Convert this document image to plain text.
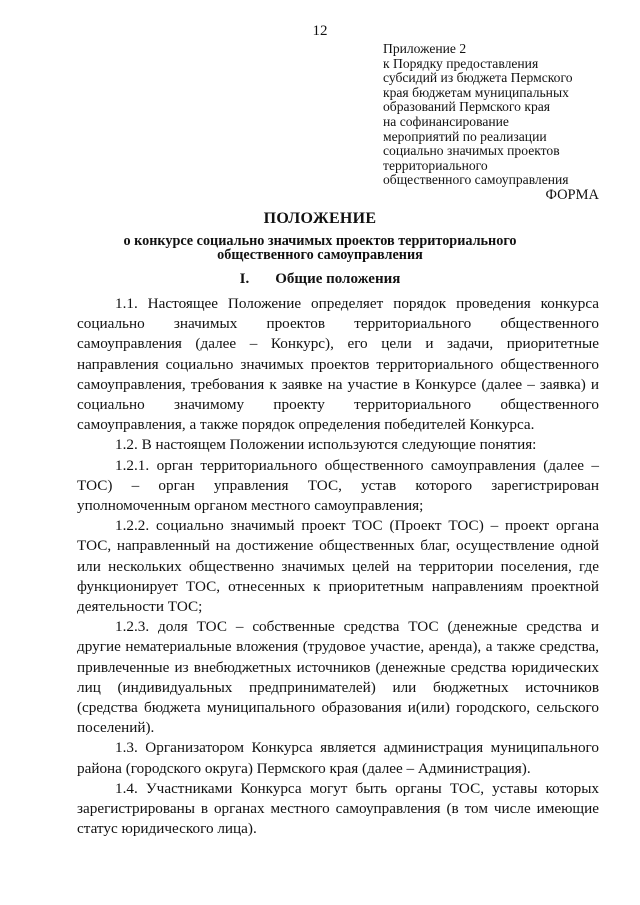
12
Приложение 2
к Порядку предоставления
субсидий из бюджета Пермского
края бюджетам муниципальных
образований Пермского края
на софинансирование
мероприятий по реализации
социально значимых проектов
территориального
общественного самоуправления
ФОРМА
ПОЛОЖЕНИЕ
о конкурсе социально значимых проектов территориального
общественного самоуправления
I. Общие положения

1.1. Настоящее Положение определяет порядок проведения конкурса социально значимых проектов территориального общественного самоуправления (далее – Конкурс), его цели и задачи, приоритетные направления социально значимых проектов территориального общественного самоуправления, требования к заявке на участие в Конкурсе (далее – заявка) и социально значимому проекту территориального общественного самоуправления, а также порядок определения победителей Конкурса.

1.2. В настоящем Положении используются следующие понятия:

1.2.1. орган территориального общественного самоуправления (далее – ТОС) – орган управления ТОС, устав которого зарегистрирован уполномоченным органом местного самоуправления;

1.2.2. социально значимый проект ТОС (Проект ТОС) – проект органа ТОС, направленный на достижение общественных благ, осуществление одной или нескольких общественно значимых целей на территории поселения, где функционирует ТОС, отнесенных к приоритетным направлениям проектной деятельности ТОС;

1.2.3. доля ТОС – собственные средства ТОС (денежные средства и другие нематериальные вложения (трудовое участие, аренда), а также средства, привлеченные из внебюджетных источников (денежные средства юридических лиц (индивидуальных предпринимателей) или бюджетных источников (средства бюджета муниципального образования и(или) городского, сельского поселений).

1.3. Организатором Конкурса является администрация муниципального района (городского округа) Пермского края (далее – Администрация).

1.4. Участниками Конкурса могут быть органы ТОС, уставы которых зарегистрированы в органах местного самоуправления (в том числе имеющие статус юридического лица).
